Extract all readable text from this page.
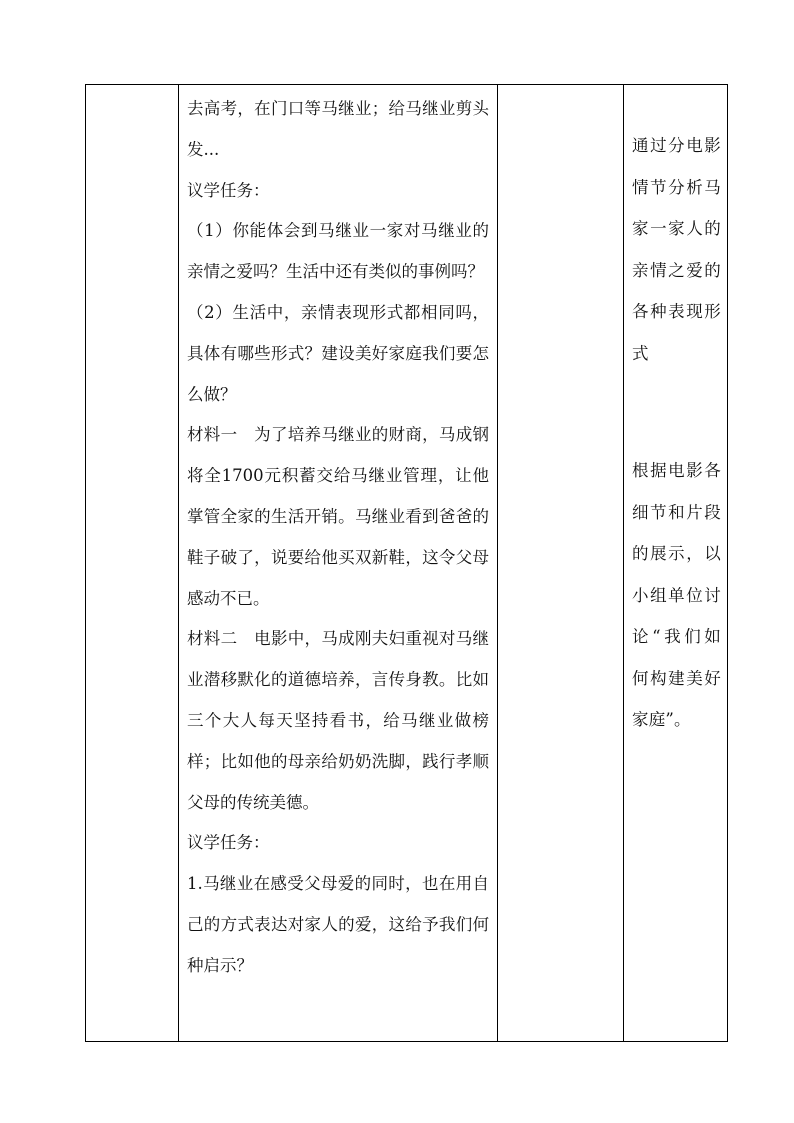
去高考，在门口等马继业；给马继业剪头发...

议学任务：

（1）你能体会到马继业一家对马继业的亲情之爱吗？生活中还有类似的事例吗？

（2）生活中，亲情表现形式都相同吗，具体有哪些形式？建设美好家庭我们要怎么做？

材料一　为了培养马继业的财商，马成钢将全1700元积蓄交给马继业管理，让他掌管全家的生活开销。马继业看到爸爸的鞋子破了，说要给他买双新鞋，这令父母感动不已。

材料二　电影中，马成刚夫妇重视对马继业潜移默化的道德培养，言传身教。比如三个大人每天坚持看书，给马继业做榜样；比如他的母亲给奶奶洗脚，践行孝顺父母的传统美德。

议学任务：

1.马继业在感受父母爱的同时，也在用自己的方式表达对家人的爱，这给予我们何种启示？

通过分电影情节分析马家一家人的亲情之爱的各种表现形式

根据电影各细节和片段的展示，以小组单位讨论“我们如何构建美好家庭”。
